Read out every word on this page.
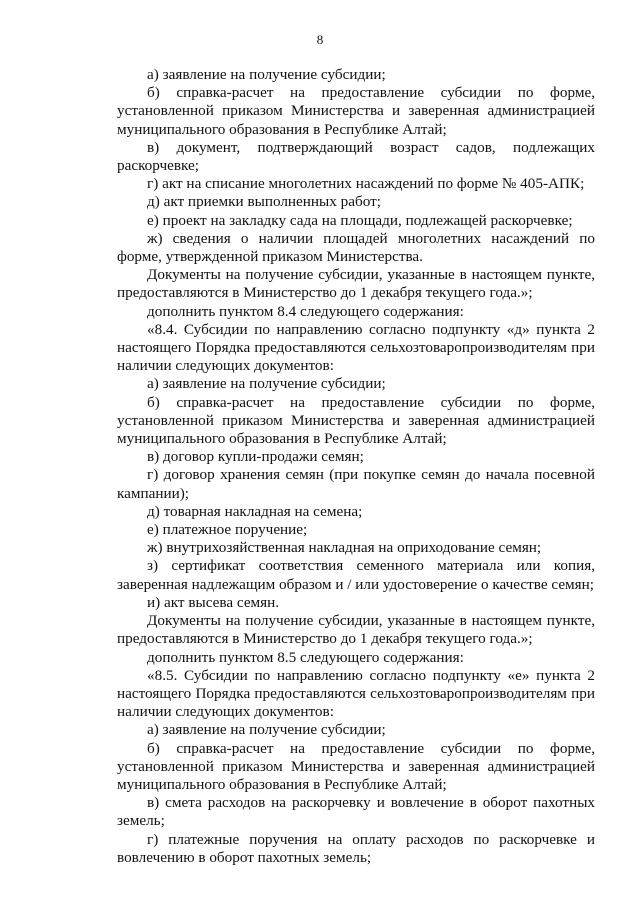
8

а) заявление на получение субсидии;

б) справка-расчет на предоставление субсидии по форме, установленной приказом Министерства и заверенная администрацией муниципального образования в Республике Алтай;

в) документ, подтверждающий возраст садов, подлежащих раскорчевке;

г) акт на списание многолетних насаждений по форме № 405-АПК;

д) акт приемки выполненных работ;

е) проект на закладку сада на площади, подлежащей раскорчевке;

ж) сведения о наличии площадей многолетних насаждений по форме, утвержденной приказом Министерства.

Документы на получение субсидии, указанные в настоящем пункте, предоставляются в Министерство до 1 декабря текущего года.»;

дополнить пунктом 8.4 следующего содержания:

«8.4. Субсидии по направлению согласно подпункту «д» пункта 2 настоящего Порядка предоставляются сельхозтоваропроизводителям при наличии следующих документов:

а) заявление на получение субсидии;

б) справка-расчет на предоставление субсидии по форме, установленной приказом Министерства и заверенная администрацией муниципального образования в Республике Алтай;

в) договор купли-продажи семян;

г) договор хранения семян (при покупке семян до начала посевной кампании);

д) товарная накладная на семена;

е) платежное поручение;

ж) внутрихозяйственная накладная на оприходование семян;

з) сертификат соответствия семенного материала или копия, заверенная надлежащим образом и / или удостоверение о качестве семян;

и) акт высева семян.

Документы на получение субсидии, указанные в настоящем пункте, предоставляются в Министерство до 1 декабря текущего года.»;

дополнить пунктом 8.5 следующего содержания:

«8.5. Субсидии по направлению согласно подпункту «е» пункта 2 настоящего Порядка предоставляются сельхозтоваропроизводителям при наличии следующих документов:

а) заявление на получение субсидии;

б) справка-расчет на предоставление субсидии по форме, установленной приказом Министерства и заверенная администрацией муниципального образования в Республике Алтай;

в) смета расходов на раскорчевку и вовлечение в оборот пахотных земель;

г) платежные поручения на оплату расходов по раскорчевке и вовлечению в оборот пахотных земель;
